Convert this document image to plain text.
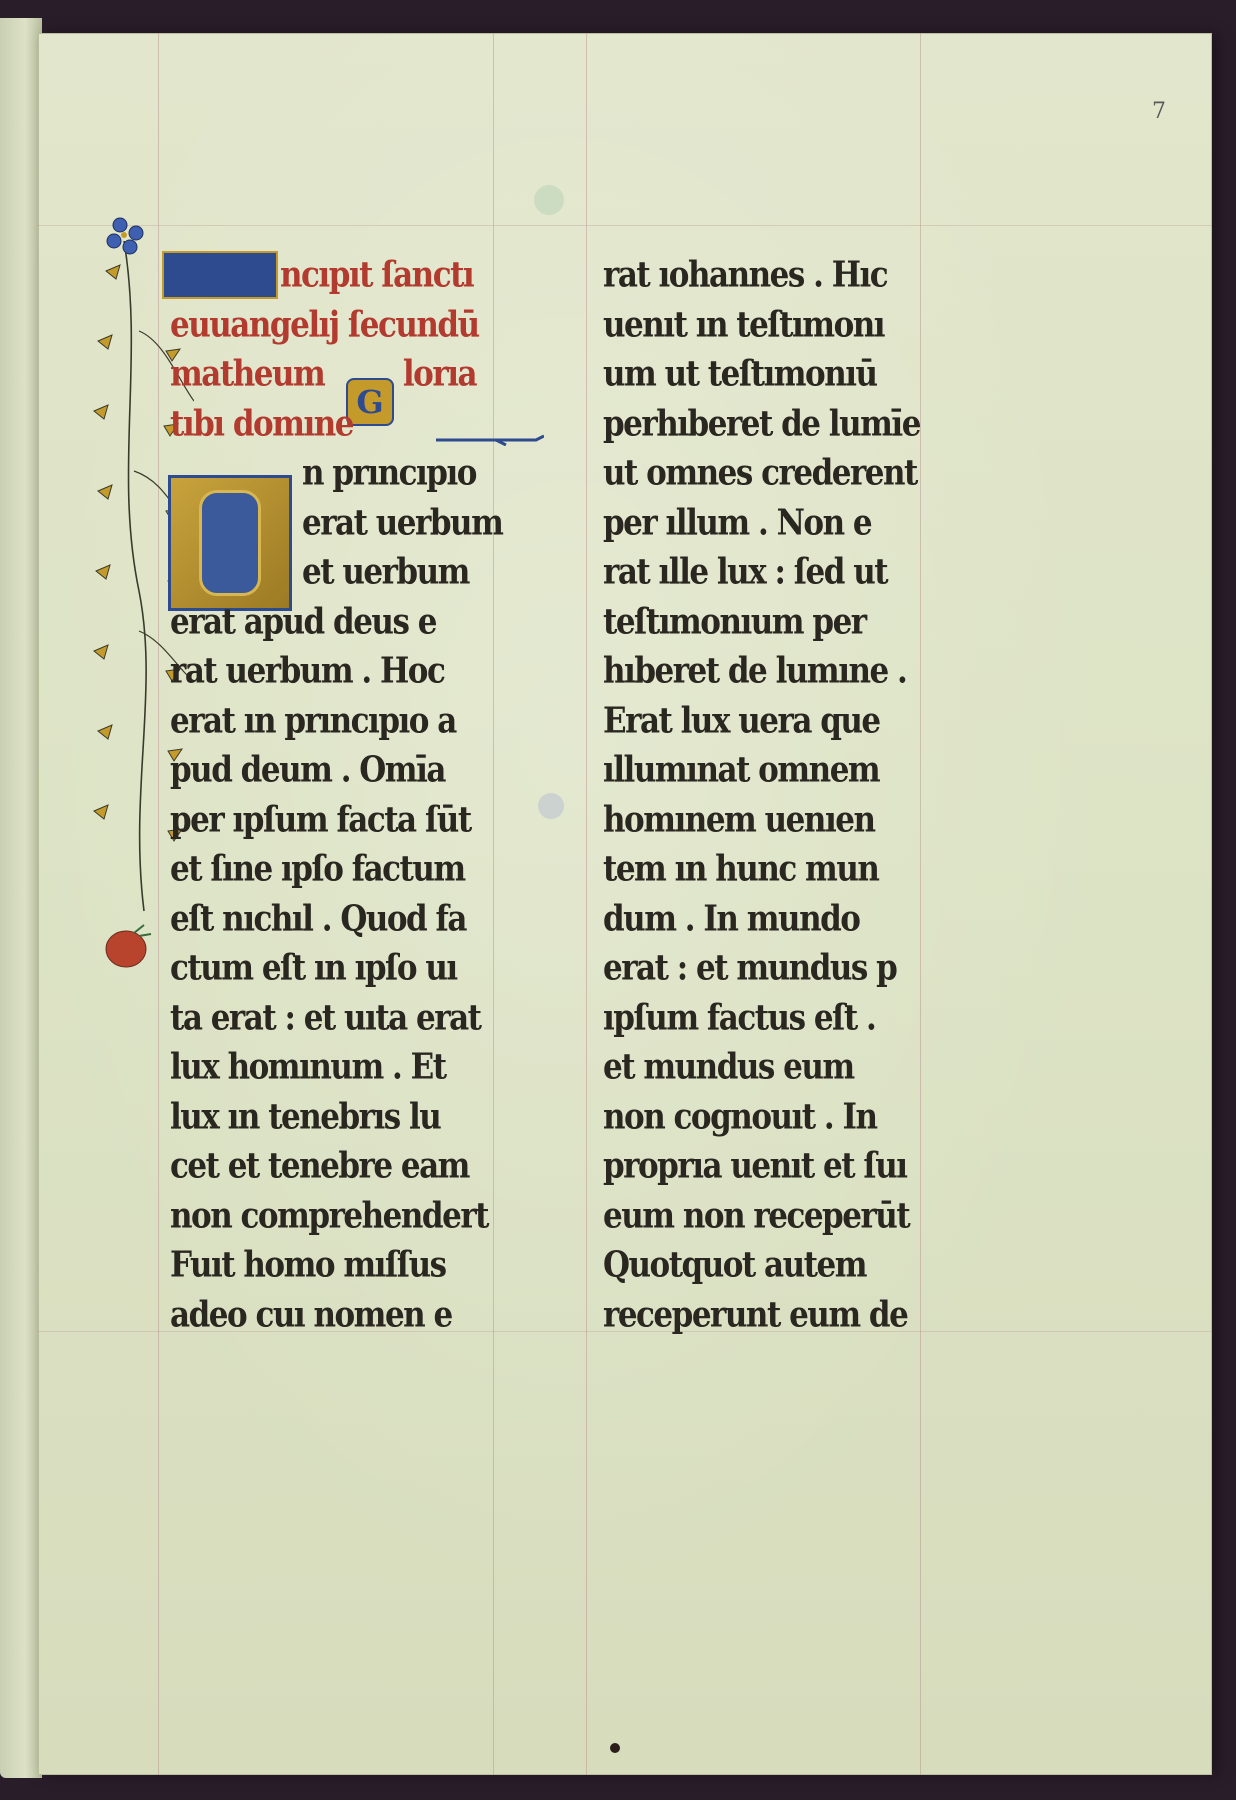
7
ncıpıt ſanctı
euuangelıj ſecundū
matheum	lorıa
G
tıbı domıne
n prıncıpıo
erat uerbum
et uerbum
erat apud deus e
rat uerbum . Hoc
erat ın prıncıpıo a
pud deum . Omīa
per ıpſum facta ſūt
et ſıne ıpſo factum
eſt nıchıl . Quod fa
ctum eſt ın ıpſo uı
ta erat : et uıta erat
lux homınum . Et
lux ın tenebrıs lu
cet et tenebre eam
non comprehendert
Fuıt homo mıſſus
adeo cuı nomen e
rat ıohannes . Hıc
uenıt ın teſtımonı
um ut teſtımonıū
perhıberet de lumīe
ut omnes crederent
per ıllum . Non e
rat ılle lux : ſed ut
teſtımonıum per
hıberet de lumıne .
Erat lux uera que
ıllumınat omnem
homınem uenıen
tem ın hunc mun
dum . In mundo
erat : et mundus p
ıpſum factus eſt .
et mundus eum
non cognouıt . In
proprıa uenıt et ſuı
eum non receperūt
Quotquot autem
receperunt eum de
